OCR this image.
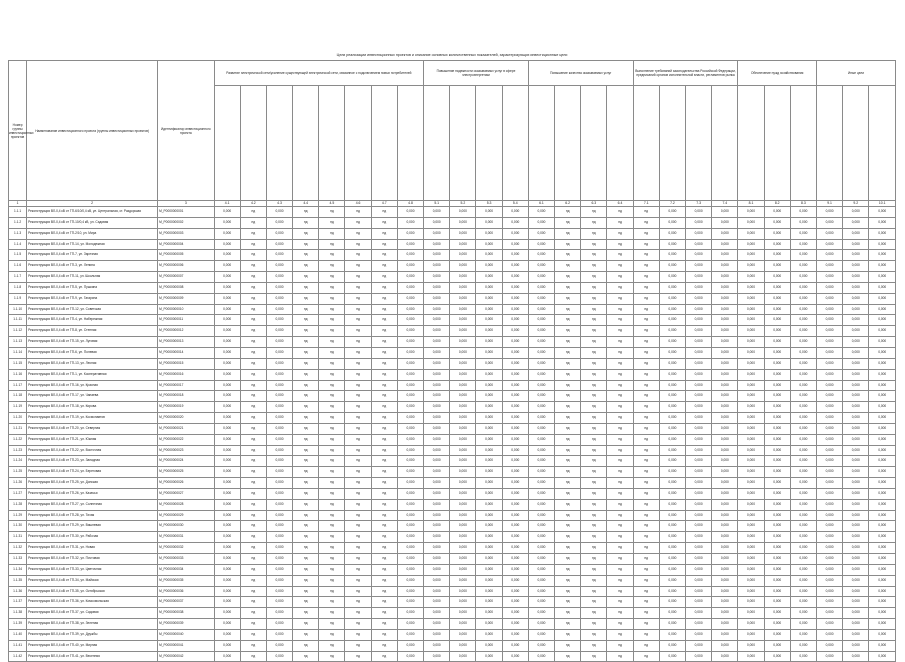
Цели реализации инвестиционных проектов и описание основных количественных показателей, характеризующих инвестиционные цели
Номер группы инвестиционных проектов	Наименование инвестиционного проекта (группы инвестиционных проектов)	Идентификатор инвестиционного проекта	Развитие электрической сети/усиление существующей электрической сети, связанное с подключением новых потребителей								Повышение надежности оказываемых услуг в сфере электроэнергетики				Повышение качества оказываемых услуг				Выполнение требований законодательства Российской Федерации, предписаний органов исполнительной власти, регламентов рынка				Обеспечение нужд хозяйствования			Иные цели		

1	2	3	4.1	4.2	4.3	4.4	4.5	4.6	4.7	4.8	5.1	5.2	5.3	5.4	6.1	6.2	6.3	6.4	7.1	7.2	7.3	7.4	8.1	8.2	8.3	9.1	9.2	10.1
1.1.1	Реконструкция ВЛ-0,4 кВ от ТП-6/10/0,4 кВ, ул. Центральная, ст. Раздорская	M_P0000000001	0,000	нд	0,000	нд	нд	нд	нд	0,000	0,000	0,000	0,000	0,000	0,000	нд	нд	нд	нд	0,000	0,000	0,000	0,000	0,000	0,000	0,000	0,000	0,000
1.1.2	Реконструкция ВЛ-0,4 кВ от ТП-10/0,4 кВ, ул. Садовая	M_P0000000002	0,000	нд	0,000	нд	нд	нд	нд	0,000	0,000	0,000	0,000	0,000	0,000	нд	нд	нд	нд	0,000	0,000	0,000	0,000	0,000	0,000	0,000	0,000	0,000
1.1.3	Реконструкция ВЛ-0,4 кВ от ТП-2/10, ул. Мира	M_P0000000003	0,000	нд	0,000	нд	нд	нд	нд	0,000	0,000	0,000	0,000	0,000	0,000	нд	нд	нд	нд	0,000	0,000	0,000	0,000	0,000	0,000	0,000	0,000	0,000
1.1.4	Реконструкция ВЛ-0,4 кВ от ТП-14, ул. Молодежная	M_P0000000004	0,000	нд	0,000	нд	нд	нд	нд	0,000	0,000	0,000	0,000	0,000	0,000	нд	нд	нд	нд	0,000	0,000	0,000	0,000	0,000	0,000	0,000	0,000	0,000
1.1.5	Реконструкция ВЛ-0,4 кВ от ТП-7, ул. Заречная	M_P0000000005	0,000	нд	0,000	нд	нд	нд	нд	0,000	0,000	0,000	0,000	0,000	0,000	нд	нд	нд	нд	0,000	0,000	0,000	0,000	0,000	0,000	0,000	0,000	0,000
1.1.6	Реконструкция ВЛ-0,4 кВ от ТП-3, ул. Ленина	M_P0000000006	0,000	нд	0,000	нд	нд	нд	нд	0,000	0,000	0,000	0,000	0,000	0,000	нд	нд	нд	нд	0,000	0,000	0,000	0,000	0,000	0,000	0,000	0,000	0,000
1.1.7	Реконструкция ВЛ-0,4 кВ от ТП-11, ул. Школьная	M_P0000000007	0,000	нд	0,000	нд	нд	нд	нд	0,000	0,000	0,000	0,000	0,000	0,000	нд	нд	нд	нд	0,000	0,000	0,000	0,000	0,000	0,000	0,000	0,000	0,000
1.1.8	Реконструкция ВЛ-0,4 кВ от ТП-5, ул. Пушкина	M_P0000000008	0,000	нд	0,000	нд	нд	нд	нд	0,000	0,000	0,000	0,000	0,000	0,000	нд	нд	нд	нд	0,000	0,000	0,000	0,000	0,000	0,000	0,000	0,000	0,000
1.1.9	Реконструкция ВЛ-0,4 кВ от ТП-9, ул. Гагарина	M_P0000000009	0,000	нд	0,000	нд	нд	нд	нд	0,000	0,000	0,000	0,000	0,000	0,000	нд	нд	нд	нд	0,000	0,000	0,000	0,000	0,000	0,000	0,000	0,000	0,000
1.1.10	Реконструкция ВЛ-0,4 кВ от ТП-12, ул. Советская	M_P0000000010	0,000	нд	0,000	нд	нд	нд	нд	0,000	0,000	0,000	0,000	0,000	0,000	нд	нд	нд	нд	0,000	0,000	0,000	0,000	0,000	0,000	0,000	0,000	0,000
1.1.11	Реконструкция ВЛ-0,4 кВ от ТП-4, ул. Набережная	M_P0000000011	0,000	нд	0,000	нд	нд	нд	нд	0,000	0,000	0,000	0,000	0,000	0,000	нд	нд	нд	нд	0,000	0,000	0,000	0,000	0,000	0,000	0,000	0,000	0,000
1.1.12	Реконструкция ВЛ-0,4 кВ от ТП-8, ул. Степная	M_P0000000012	0,000	нд	0,000	нд	нд	нд	нд	0,000	0,000	0,000	0,000	0,000	0,000	нд	нд	нд	нд	0,000	0,000	0,000	0,000	0,000	0,000	0,000	0,000	0,000
1.1.13	Реконструкция ВЛ-0,4 кВ от ТП-15, ул. Луговая	M_P0000000013	0,000	нд	0,000	нд	нд	нд	нд	0,000	0,000	0,000	0,000	0,000	0,000	нд	нд	нд	нд	0,000	0,000	0,000	0,000	0,000	0,000	0,000	0,000	0,000
1.1.14	Реконструкция ВЛ-0,4 кВ от ТП-6, ул. Полевая	M_P0000000014	0,000	нд	0,000	нд	нд	нд	нд	0,000	0,000	0,000	0,000	0,000	0,000	нд	нд	нд	нд	0,000	0,000	0,000	0,000	0,000	0,000	0,000	0,000	0,000
1.1.15	Реконструкция ВЛ-0,4 кВ от ТП-13, ул. Лесная	M_P0000000015	0,000	нд	0,000	нд	нд	нд	нд	0,000	0,000	0,000	0,000	0,000	0,000	нд	нд	нд	нд	0,000	0,000	0,000	0,000	0,000	0,000	0,000	0,000	0,000
1.1.16	Реконструкция ВЛ-0,4 кВ от ТП-1, ул. Кооперативная	M_P0000000016	0,000	нд	0,000	нд	нд	нд	нд	0,000	0,000	0,000	0,000	0,000	0,000	нд	нд	нд	нд	0,000	0,000	0,000	0,000	0,000	0,000	0,000	0,000	0,000
1.1.17	Реконструкция ВЛ-0,4 кВ от ТП-16, ул. Красная	M_P0000000017	0,000	нд	0,000	нд	нд	нд	нд	0,000	0,000	0,000	0,000	0,000	0,000	нд	нд	нд	нд	0,000	0,000	0,000	0,000	0,000	0,000	0,000	0,000	0,000
1.1.18	Реконструкция ВЛ-0,4 кВ от ТП-17, ул. Чапаева	M_P0000000018	0,000	нд	0,000	нд	нд	нд	нд	0,000	0,000	0,000	0,000	0,000	0,000	нд	нд	нд	нд	0,000	0,000	0,000	0,000	0,000	0,000	0,000	0,000	0,000
1.1.19	Реконструкция ВЛ-0,4 кВ от ТП-18, ул. Кирова	M_P0000000019	0,000	нд	0,000	нд	нд	нд	нд	0,000	0,000	0,000	0,000	0,000	0,000	нд	нд	нд	нд	0,000	0,000	0,000	0,000	0,000	0,000	0,000	0,000	0,000
1.1.20	Реконструкция ВЛ-0,4 кВ от ТП-19, ул. Космонавтов	M_P0000000020	0,000	нд	0,000	нд	нд	нд	нд	0,000	0,000	0,000	0,000	0,000	0,000	нд	нд	нд	нд	0,000	0,000	0,000	0,000	0,000	0,000	0,000	0,000	0,000
1.1.21	Реконструкция ВЛ-0,4 кВ от ТП-20, ул. Северная	M_P0000000021	0,000	нд	0,000	нд	нд	нд	нд	0,000	0,000	0,000	0,000	0,000	0,000	нд	нд	нд	нд	0,000	0,000	0,000	0,000	0,000	0,000	0,000	0,000	0,000
1.1.22	Реконструкция ВЛ-0,4 кВ от ТП-21, ул. Южная	M_P0000000022	0,000	нд	0,000	нд	нд	нд	нд	0,000	0,000	0,000	0,000	0,000	0,000	нд	нд	нд	нд	0,000	0,000	0,000	0,000	0,000	0,000	0,000	0,000	0,000
1.1.23	Реконструкция ВЛ-0,4 кВ от ТП-22, ул. Восточная	M_P0000000023	0,000	нд	0,000	нд	нд	нд	нд	0,000	0,000	0,000	0,000	0,000	0,000	нд	нд	нд	нд	0,000	0,000	0,000	0,000	0,000	0,000	0,000	0,000	0,000
1.1.24	Реконструкция ВЛ-0,4 кВ от ТП-23, ул. Западная	M_P0000000024	0,000	нд	0,000	нд	нд	нд	нд	0,000	0,000	0,000	0,000	0,000	0,000	нд	нд	нд	нд	0,000	0,000	0,000	0,000	0,000	0,000	0,000	0,000	0,000
1.1.25	Реконструкция ВЛ-0,4 кВ от ТП-24, ул. Береговая	M_P0000000025	0,000	нд	0,000	нд	нд	нд	нд	0,000	0,000	0,000	0,000	0,000	0,000	нд	нд	нд	нд	0,000	0,000	0,000	0,000	0,000	0,000	0,000	0,000	0,000
1.1.26	Реконструкция ВЛ-0,4 кВ от ТП-25, ул. Донская	M_P0000000026	0,000	нд	0,000	нд	нд	нд	нд	0,000	0,000	0,000	0,000	0,000	0,000	нд	нд	нд	нд	0,000	0,000	0,000	0,000	0,000	0,000	0,000	0,000	0,000
1.1.27	Реконструкция ВЛ-0,4 кВ от ТП-26, ул. Казачья	M_P0000000027	0,000	нд	0,000	нд	нд	нд	нд	0,000	0,000	0,000	0,000	0,000	0,000	нд	нд	нд	нд	0,000	0,000	0,000	0,000	0,000	0,000	0,000	0,000	0,000
1.1.28	Реконструкция ВЛ-0,4 кВ от ТП-27, ул. Солнечная	M_P0000000028	0,000	нд	0,000	нд	нд	нд	нд	0,000	0,000	0,000	0,000	0,000	0,000	нд	нд	нд	нд	0,000	0,000	0,000	0,000	0,000	0,000	0,000	0,000	0,000
1.1.29	Реконструкция ВЛ-0,4 кВ от ТП-28, ул. Тихая	M_P0000000029	0,000	нд	0,000	нд	нд	нд	нд	0,000	0,000	0,000	0,000	0,000	0,000	нд	нд	нд	нд	0,000	0,000	0,000	0,000	0,000	0,000	0,000	0,000	0,000
1.1.30	Реконструкция ВЛ-0,4 кВ от ТП-29, ул. Вишневая	M_P0000000030	0,000	нд	0,000	нд	нд	нд	нд	0,000	0,000	0,000	0,000	0,000	0,000	нд	нд	нд	нд	0,000	0,000	0,000	0,000	0,000	0,000	0,000	0,000	0,000
1.1.31	Реконструкция ВЛ-0,4 кВ от ТП-30, ул. Рабочая	M_P0000000031	0,000	нд	0,000	нд	нд	нд	нд	0,000	0,000	0,000	0,000	0,000	0,000	нд	нд	нд	нд	0,000	0,000	0,000	0,000	0,000	0,000	0,000	0,000	0,000
1.1.32	Реконструкция ВЛ-0,4 кВ от ТП-31, ул. Новая	M_P0000000032	0,000	нд	0,000	нд	нд	нд	нд	0,000	0,000	0,000	0,000	0,000	0,000	нд	нд	нд	нд	0,000	0,000	0,000	0,000	0,000	0,000	0,000	0,000	0,000
1.1.33	Реконструкция ВЛ-0,4 кВ от ТП-32, ул. Почтовая	M_P0000000033	0,000	нд	0,000	нд	нд	нд	нд	0,000	0,000	0,000	0,000	0,000	0,000	нд	нд	нд	нд	0,000	0,000	0,000	0,000	0,000	0,000	0,000	0,000	0,000
1.1.34	Реконструкция ВЛ-0,4 кВ от ТП-33, ул. Цветочная	M_P0000000034	0,000	нд	0,000	нд	нд	нд	нд	0,000	0,000	0,000	0,000	0,000	0,000	нд	нд	нд	нд	0,000	0,000	0,000	0,000	0,000	0,000	0,000	0,000	0,000
1.1.35	Реконструкция ВЛ-0,4 кВ от ТП-34, ул. Майская	M_P0000000035	0,000	нд	0,000	нд	нд	нд	нд	0,000	0,000	0,000	0,000	0,000	0,000	нд	нд	нд	нд	0,000	0,000	0,000	0,000	0,000	0,000	0,000	0,000	0,000
1.1.36	Реконструкция ВЛ-0,4 кВ от ТП-35, ул. Октябрьская	M_P0000000036	0,000	нд	0,000	нд	нд	нд	нд	0,000	0,000	0,000	0,000	0,000	0,000	нд	нд	нд	нд	0,000	0,000	0,000	0,000	0,000	0,000	0,000	0,000	0,000
1.1.37	Реконструкция ВЛ-0,4 кВ от ТП-36, ул. Комсомольская	M_P0000000037	0,000	нд	0,000	нд	нд	нд	нд	0,000	0,000	0,000	0,000	0,000	0,000	нд	нд	нд	нд	0,000	0,000	0,000	0,000	0,000	0,000	0,000	0,000	0,000
1.1.38	Реконструкция ВЛ-0,4 кВ от ТП-37, ул. Садовая	M_P0000000038	0,000	нд	0,000	нд	нд	нд	нд	0,000	0,000	0,000	0,000	0,000	0,000	нд	нд	нд	нд	0,000	0,000	0,000	0,000	0,000	0,000	0,000	0,000	0,000
1.1.39	Реконструкция ВЛ-0,4 кВ от ТП-38, ул. Зеленая	M_P0000000039	0,000	нд	0,000	нд	нд	нд	нд	0,000	0,000	0,000	0,000	0,000	0,000	нд	нд	нд	нд	0,000	0,000	0,000	0,000	0,000	0,000	0,000	0,000	0,000
1.1.40	Реконструкция ВЛ-0,4 кВ от ТП-39, ул. Дружбы	M_P0000000040	0,000	нд	0,000	нд	нд	нд	нд	0,000	0,000	0,000	0,000	0,000	0,000	нд	нд	нд	нд	0,000	0,000	0,000	0,000	0,000	0,000	0,000	0,000	0,000
1.1.41	Реконструкция ВЛ-0,4 кВ от ТП-40, ул. Мирная	M_P0000000041	0,000	нд	0,000	нд	нд	нд	нд	0,000	0,000	0,000	0,000	0,000	0,000	нд	нд	нд	нд	0,000	0,000	0,000	0,000	0,000	0,000	0,000	0,000	0,000
1.1.42	Реконструкция ВЛ-0,4 кВ от ТП-41, ул. Весенняя	M_P0000000042	0,000	нд	0,000	нд	нд	нд	нд	0,000	0,000	0,000	0,000	0,000	0,000	нд	нд	нд	нд	0,000	0,000	0,000	0,000	0,000	0,000	0,000	0,000	0,000
